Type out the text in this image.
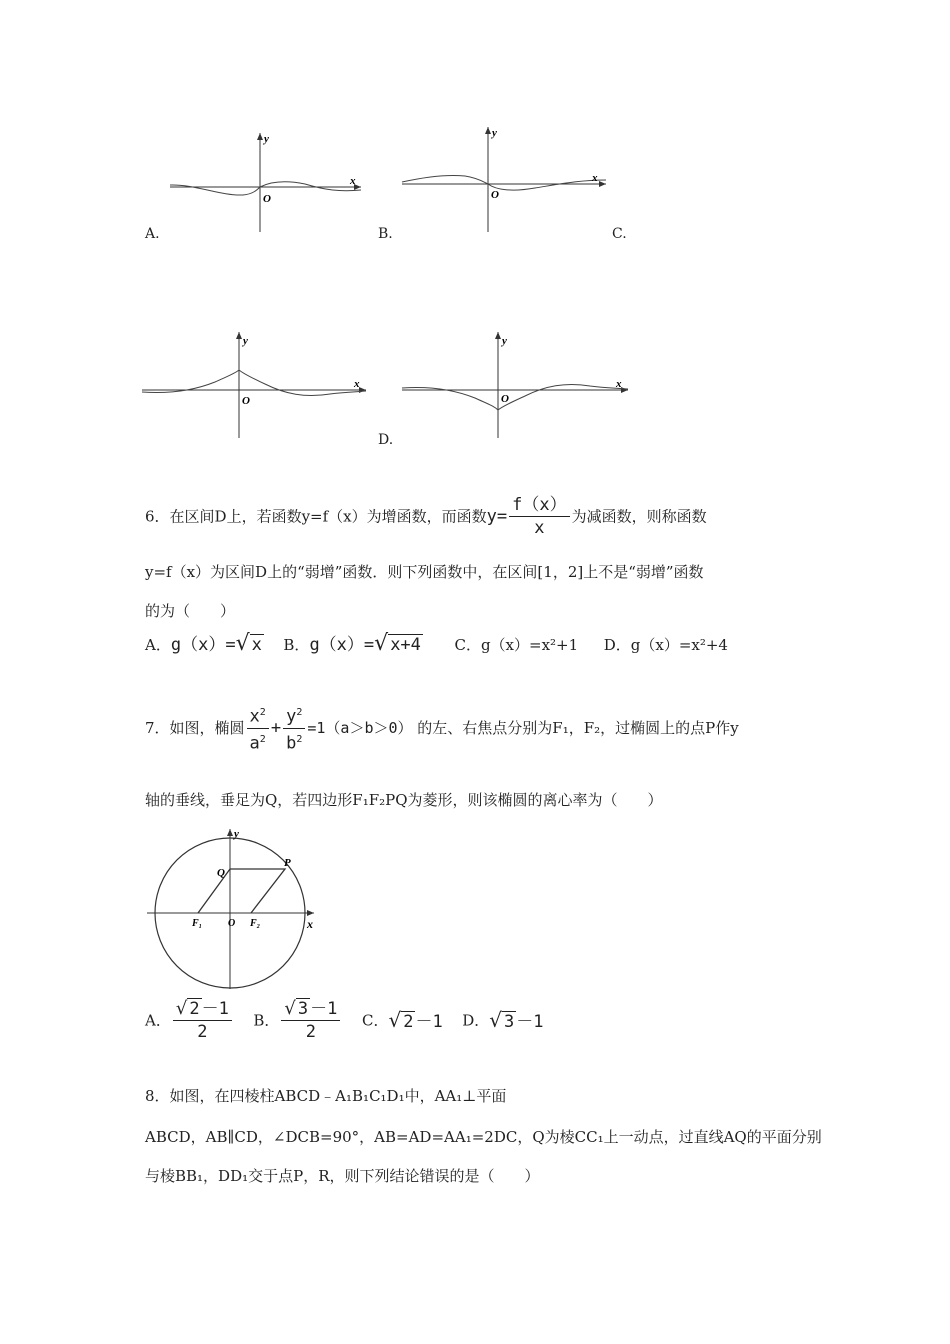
y
x
O
A.
y
x
O
B.	C.
y
x
O
y
x
O
D.
6．在区间D上，若函数y=f（x）为增函数，而函数$y= \frac{f(x)}{x}$ 为减函数，则称函数
y=f（x）为区间D上的“弱增”函数．则下列函数中，在区间[1，2]上不是“弱增”函数
的为（　　）
A．g（x）=√ x B．g（x）=√ x+4 C．g（x）=x²+1 D．g（x）=x²+4
7．如图，椭圆 $\frac{x^2}{a^2} + \frac{y^2}{b^2} =1(a>b>0)$ 的左、右焦点分别为F₁，F₂，过椭圆上的点P作y
轴的垂线，垂足为Q，若四边形F₁F₂PQ为菱形，则该椭圆的离心率为（　　）
y
x
Q
P
F₁	O F₂
A． $\frac{√ 2 -1}{2}$ B． $\frac{√ 3 -1}{2}$ C．√ 2 －1 D．√ 3 －1
8．如图，在四棱柱ABCD﹣A₁B₁C₁D₁中，AA₁⊥平面
ABCD，AB∥CD，∠DCB=90°，AB=AD=AA₁=2DC，Q为棱CC₁上一动点，过直线AQ的平面分别
与棱BB₁，DD₁交于点P，R，则下列结论错误的是（　　）
